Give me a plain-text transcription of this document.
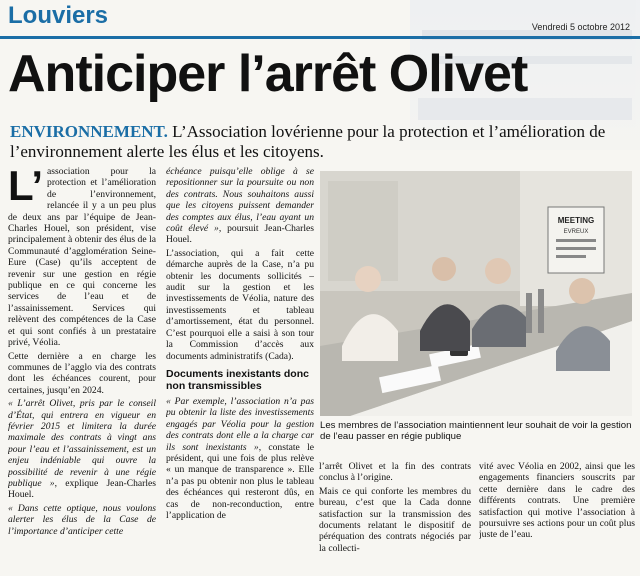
Louviers	Vendredi 5 octobre 2012
Anticiper l’arrêt Olivet
ENVIRONNEMENT. L’Association lovérienne pour la protection et l’amélioration de l’environnement alerte les élus et les citoyens.

L’ association pour la protection et l’amélioration de l’environnement, relancée il y a un peu plus de deux ans par l’équipe de Jean-Charles Houel, son président, vise principalement à obtenir des élus de la Communauté d’agglomération Seine-Eure (Case) qu’ils acceptent de revenir sur une gestion en régie publique en ce qui concerne les services de l’eau et de l’assainissement. Services qui relèvent des compétences de la Case et qui sont confiés à un prestataire privé, Véolia.

Cette dernière a en charge les communes de l’agglo via des contrats dont les échéances courent, pour certaines, jusqu’en 2024.

« L’arrêt Olivet, pris par le conseil d’État, qui entrera en vigueur en février 2015 et limitera la durée maximale des contrats à vingt ans pour l’eau et l’assainissement, est un enjeu indéniable qui ouvre la possibilité de revenir à une régie publique », explique Jean-Charles Houel.

« Dans cette optique, nous voulons alerter les élus de la Case de l’importance d’anticiper cette

échéance puisqu’elle oblige à se repositionner sur la poursuite ou non des contrats. Nous souhaitons aussi que les citoyens puissent demander des comptes aux élus, l’eau ayant un coût élevé », poursuit Jean-Charles Houel.

L’association, qui a fait cette démarche auprès de la Case, n’a pu obtenir les documents sollicités – audit sur la gestion et les investissements de Véolia, nature des investissements et tableau d’amortissement, état du personnel. C’est pourquoi elle a saisi à son tour la Commission d’accès aux documents administratifs (Cada).

Documents inexistants donc non transmissibles

« Par exemple, l’association n’a pas pu obtenir la liste des investissements engagés par Véolia pour la gestion des contrats dont elle a la charge car ils sont inexistants », constate le président, qui une fois de plus relève « un manque de transparence ». Elle n’a pas pu obtenir non plus le tableau des échéances qui resteront dûs, en cas de non-reconduction, entre l’application de

MEETING
EVREUX
Les membres de l’association maintiennent leur souhait de voir la gestion de l’eau passer en régie publique

l’arrêt Olivet et la fin des contrats conclus à l’origine.

Mais ce qui conforte les membres du bureau, c’est que la Cada donne satisfaction sur la transmission des documents relatant le dispositif de péréquation des contrats négociés par la collecti-

vité avec Véolia en 2002, ainsi que les engagements financiers souscrits par cette dernière dans le cadre des différents contrats. Une première satisfaction qui motive l’association à poursuivre ses actions pour un coût plus juste de l’eau.
